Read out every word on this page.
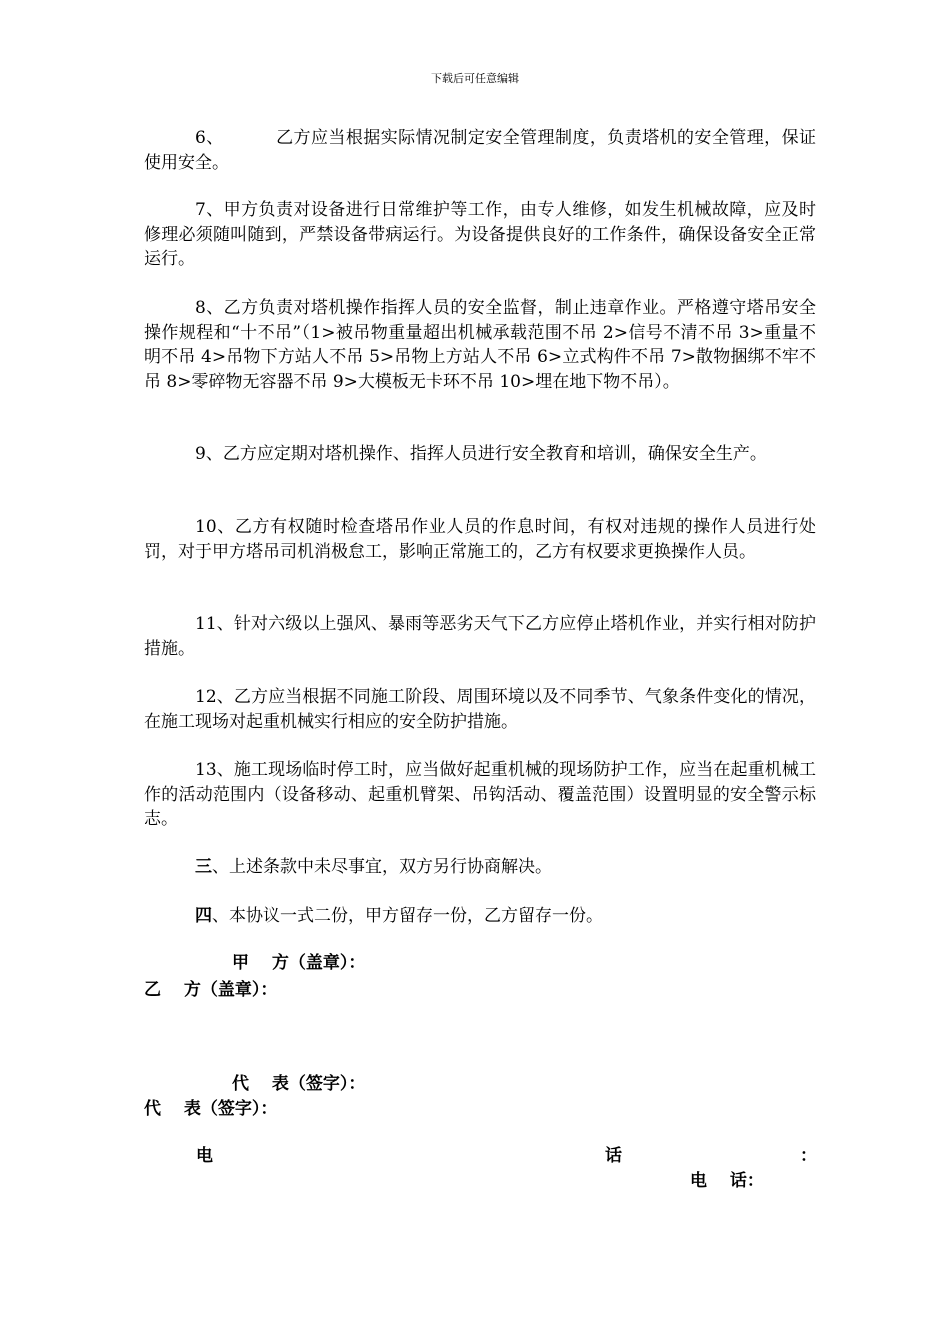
下载后可任意编辑

6、	乙方应当根据实际情况制定安全管理制度，负责塔机的安全管理，保证使用安全。

7、甲方负责对设备进行日常维护等工作，由专人维修，如发生机械故障，应及时修理必须随叫随到，严禁设备带病运行。为设备提供良好的工作条件，确保设备安全正常运行。

8、乙方负责对塔机操作指挥人员的安全监督，制止违章作业。严格遵守塔吊安全操作规程和“十不吊”（1>被吊物重量超出机械承载范围不吊 2>信号不清不吊 3>重量不明不吊 4>吊物下方站人不吊 5>吊物上方站人不吊 6>立式构件不吊 7>散物捆绑不牢不吊 8>零碎物无容器不吊 9>大模板无卡环不吊 10>埋在地下物不吊）。

9、乙方应定期对塔机操作、指挥人员进行安全教育和培训，确保安全生产。

10、乙方有权随时检查塔吊作业人员的作息时间，有权对违规的操作人员进行处罚，对于甲方塔吊司机消极怠工，影响正常施工的，乙方有权要求更换操作人员。

11、针对六级以上强风、暴雨等恶劣天气下乙方应停止塔机作业，并实行相对防护措施。

12、乙方应当根据不同施工阶段、周围环境以及不同季节、气象条件变化的情况，在施工现场对起重机械实行相应的安全防护措施。

13、施工现场临时停工时，应当做好起重机械的现场防护工作，应当在起重机械工作的活动范围内（设备移动、起重机臂架、吊钩活动、覆盖范围）设置明显的安全警示标志。

三、上述条款中未尽事宜，双方另行协商解决。

四、本协议一式二份，甲方留存一份，乙方留存一份。

甲　 方（盖章）：
乙　 方（盖章）：
代　 表（签字）：
代　 表（签字）：
电	话	：
电　 话：
